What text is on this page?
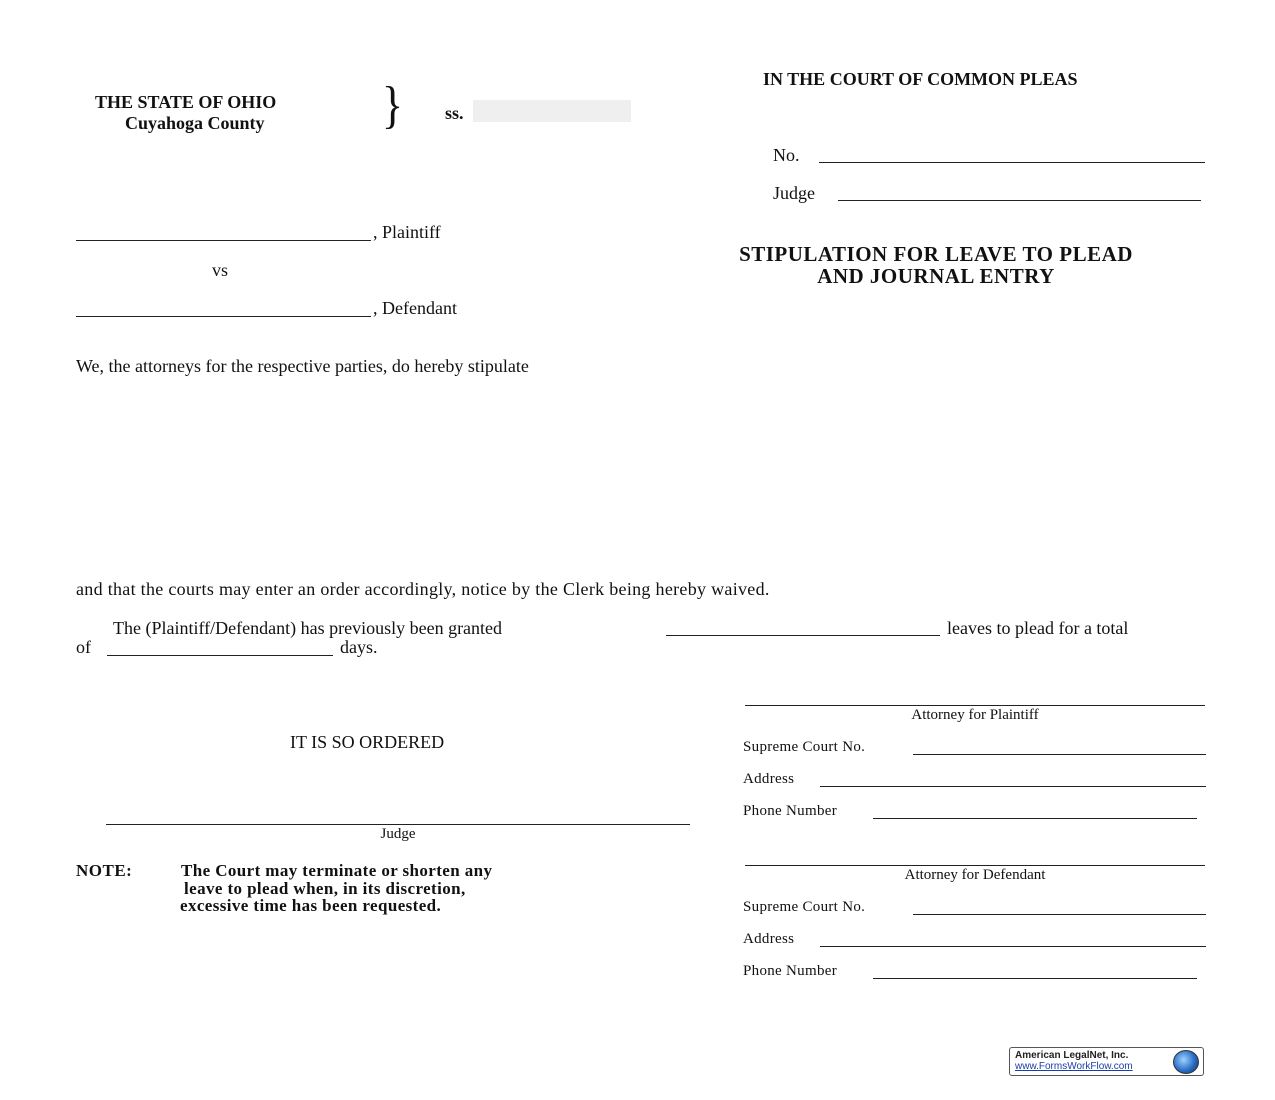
THE STATE OF OHIO
Cuyahoga County } ss.
IN THE COURT OF COMMON PLEAS
No.
Judge
, Plaintiff
vs
, Defendant
STIPULATION FOR LEAVE TO PLEAD
AND JOURNAL ENTRY
We, the attorneys for the respective parties, do hereby stipulate
and that the courts may enter an order accordingly, notice by the Clerk being hereby waived.
The (Plaintiff/Defendant) has previously been granted	leaves to plead for a total
of	days.
IT IS SO ORDERED
Judge
NOTE:	The Court may terminate or shorten any
leave to plead when, in its discretion,
excessive time has been requested.
Attorney for Plaintiff
Supreme Court No.
Address
Phone Number
Attorney for Defendant
Supreme Court No.
Address
Phone Number
American LegalNet, Inc.
www.FormsWorkFlow.com
